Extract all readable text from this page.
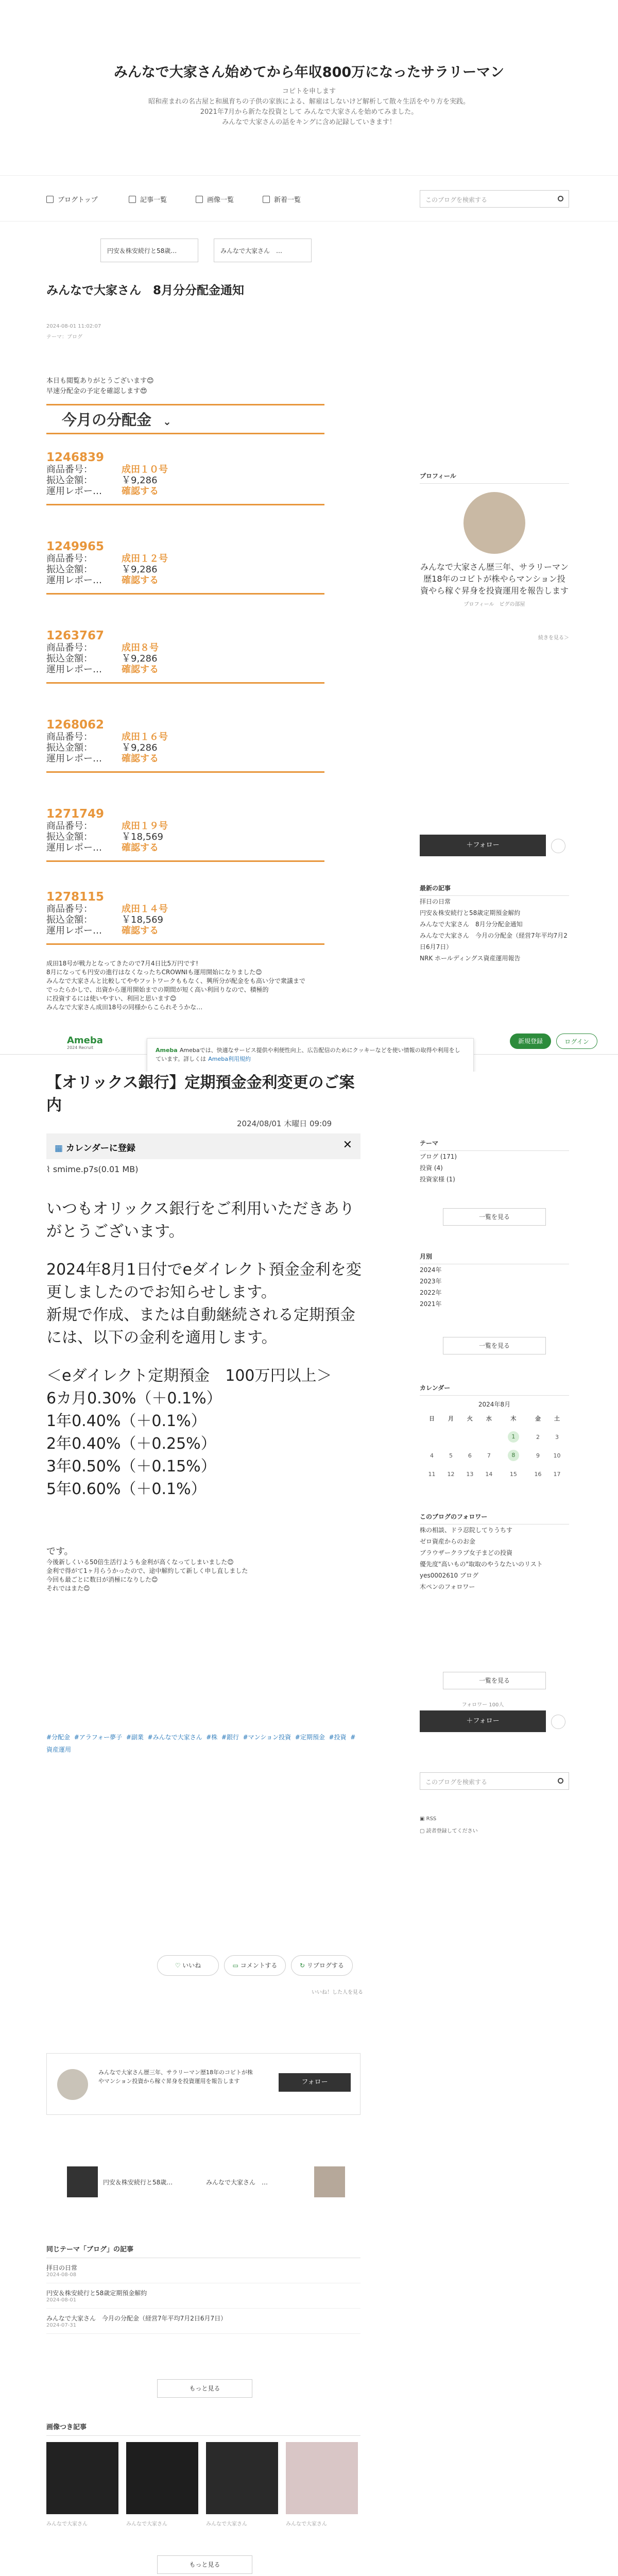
みんなで大家さん始めてから年収800万になったサラリーマン
コピトを申します
昭和産まれの名古屋と和風育ちの子供の家族による、解雇はしないけど解析して散々生活をやり方を実践。
2021年7月から新たな投資として みんなで大家さんを始めてみました。
みんなで大家さんの話をキングに含め記録していきます！
ブログトップ	記事一覧	画像一覧	新着一覧	このブログを検索する
円安＆株安続行と58歳…	みんなで大家さん　…
みんなで大家さん　8月分分配金通知
2024-08-01 11:02:07
テーマ：ブログ
本日も閲覧ありがとうございます😊
早速分配金の予定を確認します😍
今月の分配金 ⌄
1246839
商品番号：	成田１０号
振込金額：	￥9,286
運用レポー…	確認する
1249965
商品番号：	成田１２号
振込金額：	￥9,286
運用レポー…	確認する
1263767
商品番号：	成田８号
振込金額：	￥9,286
運用レポー…	確認する
1268062
商品番号：	成田１６号
振込金額：	￥9,286
運用レポー…	確認する
1271749
商品番号：	成田１９号
振込金額：	￥18,569
運用レポー…	確認する
1278115
商品番号：	成田１４号
振込金額：	￥18,569
運用レポー…	確認する
成田18号が戦力となってきたので7月4日比5万円です!
8月になっても円安の進行はなくなったちCROWNIも運用開始になりました😊
みんなで大家さんと比較してややフットワークももなく、興所分が配金をも高い分で衆議まで
でったらかしで、出資から運用開始までの期間が短く高い利回りなので、積極的
に投資するには使いやすい、利回と思います😊
みんなで大家さん成田18号の同様からこられそうかな…
Ameba
2024 Recruit
新規登録	ログイン
Ameba Amebaでは、快適なサービス提供や利便性向上、広告配信のためにクッキーなどを使い情報の取得や利用をしています。詳しくは Ameba利用規約
【オリックス銀行】定期預金金利変更のご案内
2024/08/01 木曜日 09:09
▦ カレンダーに登録	✕
⌇ smime.p7s(0.01 MB)
いつもオリックス銀行をご利用いただきありがとうございます。
2024年8月1日付でeダイレクト預金金利を変更しましたのでお知らせします。
新規で作成、または自動継続される定期預金には、以下の金利を適用します。
＜eダイレクト定期預金　100万円以上＞
6カ月0.30%（＋0.1%）
1年0.40%（＋0.1%）
2年0.40%（＋0.25%）
3年0.50%（＋0.15%）
5年0.60%（＋0.1%）
です。
今後新しくいる50倍生活行ようも金利が高くなってしまいました😊
金利で得がて1ヶ月らうかったので、途中解約して新しく申し直しました
今回も最ごとに数日が消極になりした😊
それではまた😊
#分配金 #アラフォー夢子 #副業 #みんなで大家さん #株 #銀行 #マンション投資 #定期預金 #投資 #資産運用
♡ いいね	▭ コメントする	↻ リブログする
いいね！した人を見る
みんなで大家さん歴三年、サラリーマン歴18年のコビトが株やマンション投資から稼ぐ昇身を投資運用を報告します	フォロー
円安＆株安続行と58歳…	みんなで大家さん　…
同じテーマ「ブログ」の記事
拝日の日常
2024-08-08
円安＆株安続行と58歳定期預金解約
2024-08-01
みんなで大家さん　今月の分配金（経営7年平均7月2日6月7日）
2024-07-31
もっと見る
画像つき記事
みんなで大家さん	みんなで大家さん	みんなで大家さん	みんなで大家さん
もっと見る
プロフィール
みんなで大家さん歴三年、サラリーマン歴18年のコビトが株やらマンション投資やら稼ぐ昇身を投資運用を報告します
プロフィール　ピグの部屋
続きを見る＞
＋フォロー
最新の記事
拝日の日常
円安＆株安続行と58歳定期預金解約
みんなで大家さん　8月分分配金通知
みんなで大家さん　今月の分配金（経営7年平均7月2日6月7日）
NRK ホールディングス資産運用報告
テーマ
ブログ (171)
投資 (4)
投資家様 (1)
一覧を見る
月別
2024年
2023年
2022年
2021年
一覧を見る
カレンダー
2024年8月
日	月	火	水	木	金	土
				1	2	3
4	5	6	7	8	9	10
11	12	13	14	15	16	17
このブログのフォロワー
株の相談、ドラ忍院してりうちす
ゼロ資産からのお金
ブラウザークラブ女子まどの投資
優先度"高いもの"取取のやうなたいのリスト
yes0002610 ブログ
木ペンのフォロワー
一覧を見る
フォロワー 100人
＋フォロー
このブログを検索する
▣ RSS
▢ 読者登録してください
